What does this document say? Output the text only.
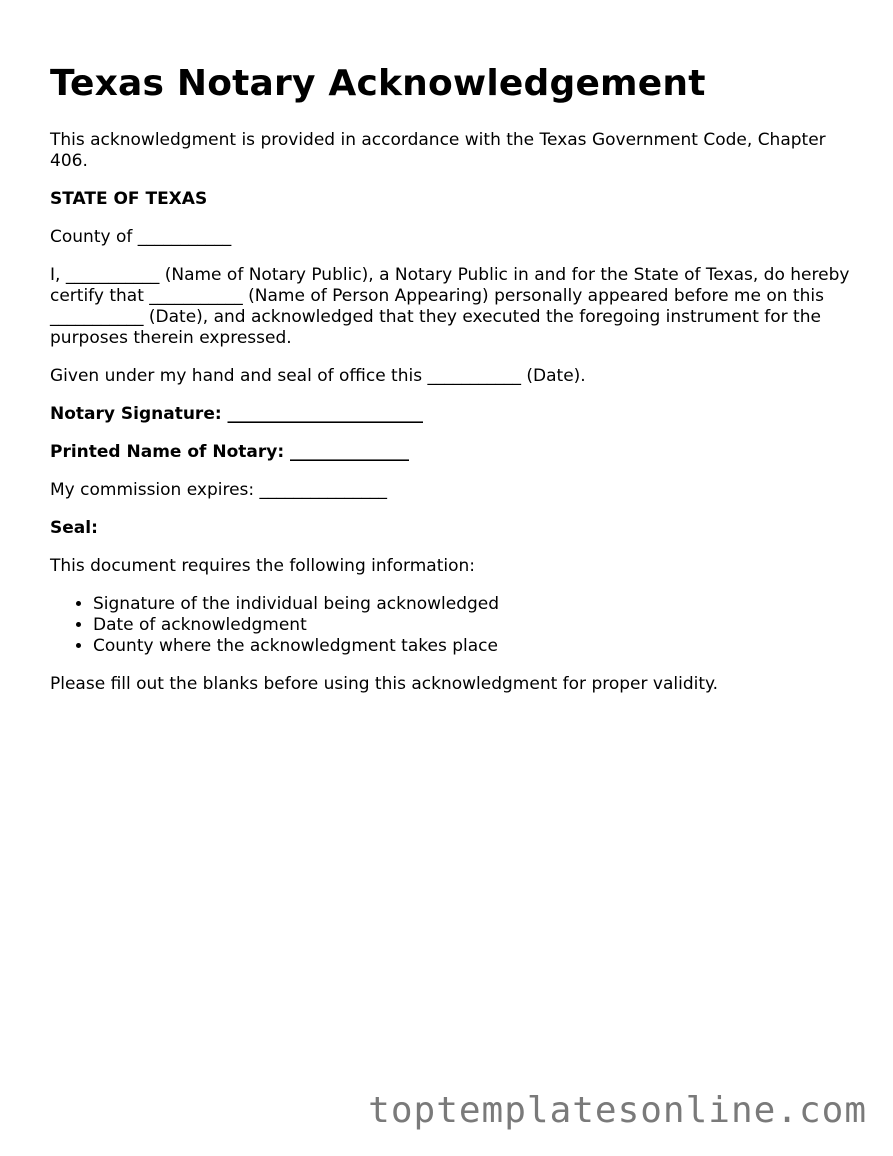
Texas Notary Acknowledgement

This acknowledgment is provided in accordance with the Texas Government Code, Chapter 406.

STATE OF TEXAS

County of ___________

I, ___________ (Name of Notary Public), a Notary Public in and for the State of Texas, do hereby certify that ___________ (Name of Person Appearing) personally appeared before me on this ___________ (Date), and acknowledged that they executed the foregoing instrument for the purposes therein expressed.

Given under my hand and seal of office this ___________ (Date).

Notary Signature: _______________________

Printed Name of Notary: ______________

My commission expires: _______________

Seal:

This document requires the following information:

• Signature of the individual being acknowledged
• Date of acknowledgment
• County where the acknowledgment takes place

Please fill out the blanks before using this acknowledgment for proper validity.

toptemplatesonline.com
